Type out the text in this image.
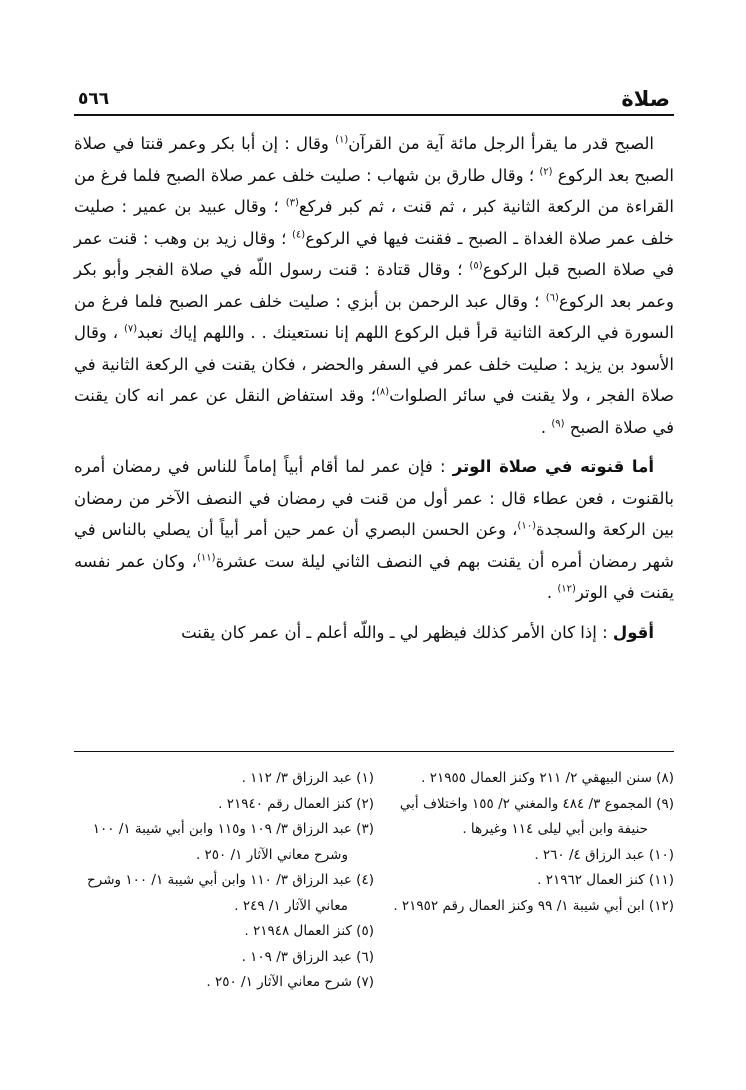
صلاة
٥٦٦

الصبح قدر ما يقرأ الرجل مائة آية من القرآن$^{(١)}$ وقال : إن أبا بكر وعمر قنتا في صلاة الصبح بعد الركوع $^{(٢)}$ ؛ وقال طارق بن شهاب : صليت خلف عمر صلاة الصبح فلما فرغ من القراءة من الركعة الثانية كبر ، ثم قنت ، ثم كبر فركع$^{(٣)}$ ؛ وقال عبيد بن عمير : صليت خلف عمر صلاة الغداة ـ الصبح ـ فقنت فيها في الركوع$^{(٤)}$ ؛ وقال زيد بن وهب : قنت عمر في صلاة الصبح قبل الركوع$^{(٥)}$ ؛ وقال قتادة : قنت رسول اللّه في صلاة الفجر وأبو بكر وعمر بعد الركوع$^{(٦)}$ ؛ وقال عبد الرحمن بن أبزي : صليت خلف عمر الصبح فلما فرغ من السورة في الركعة الثانية قرأ قبل الركوع اللهم إنا نستعينك . . واللهم إياك نعبد$^{(٧)}$ ، وقال الأسود بن يزيد : صليت خلف عمر في السفر والحضر ، فكان يقنت في الركعة الثانية في صلاة الفجر ، ولا يقنت في سائر الصلوات$^{(٨)}$؛ وقد استفاض النقل عن عمر انه كان يقنت في صلاة الصبح $^{(٩)}$ .

أما قنوته في صلاة الوتر : فإن عمر لما أقام أبياً إماماً للناس في رمضان أمره بالقنوت ، فعن عطاء قال : عمر أول من قنت في رمضان في النصف الآخر من رمضان بين الركعة والسجدة$^{(١٠)}$، وعن الحسن البصري أن عمر حين أمر أبياً أن يصلي بالناس في شهر رمضان أمره أن يقنت بهم في النصف الثاني ليلة ست عشرة$^{(١١)}$، وكان عمر نفسه يقنت في الوتر$^{(١٢)}$ .

أقول : إذا كان الأمر كذلك فيظهر لي ـ واللّه أعلم ـ أن عمر كان يقنت

(١) عبد الرزاق ٣/ ١١٢ .
(٢) كنز العمال رقم ٢١٩٤٠ .
(٣) عبد الرزاق ٣/ ١٠٩ و١١٥ وابن أبي شيبة ١/ ١٠٠ وشرح معاني الآثار ١/ ٢٥٠ .
(٤) عبد الرزاق ٣/ ١١٠ وابن أبي شيبة ١/ ١٠٠ وشرح معاني الآثار ١/ ٢٤٩ .
(٥) كنز العمال ٢١٩٤٨ .
(٦) عبد الرزاق ٣/ ١٠٩ .
(٧) شرح معاني الآثار ١/ ٢٥٠ .
(٨) سنن البيهقي ٢/ ٢١١ وكنز العمال ٢١٩٥٥ .
(٩) المجموع ٣/ ٤٨٤ والمغني ٢/ ١٥٥ واختلاف أبي حنيفة وابن أبي ليلى ١١٤ وغيرها .
(١٠) عبد الرزاق ٤/ ٢٦٠ .
(١١) كنز العمال ٢١٩٦٢ .
(١٢) ابن أبي شيبة ١/ ٩٩ وكنز العمال رقم ٢١٩٥٢ .
